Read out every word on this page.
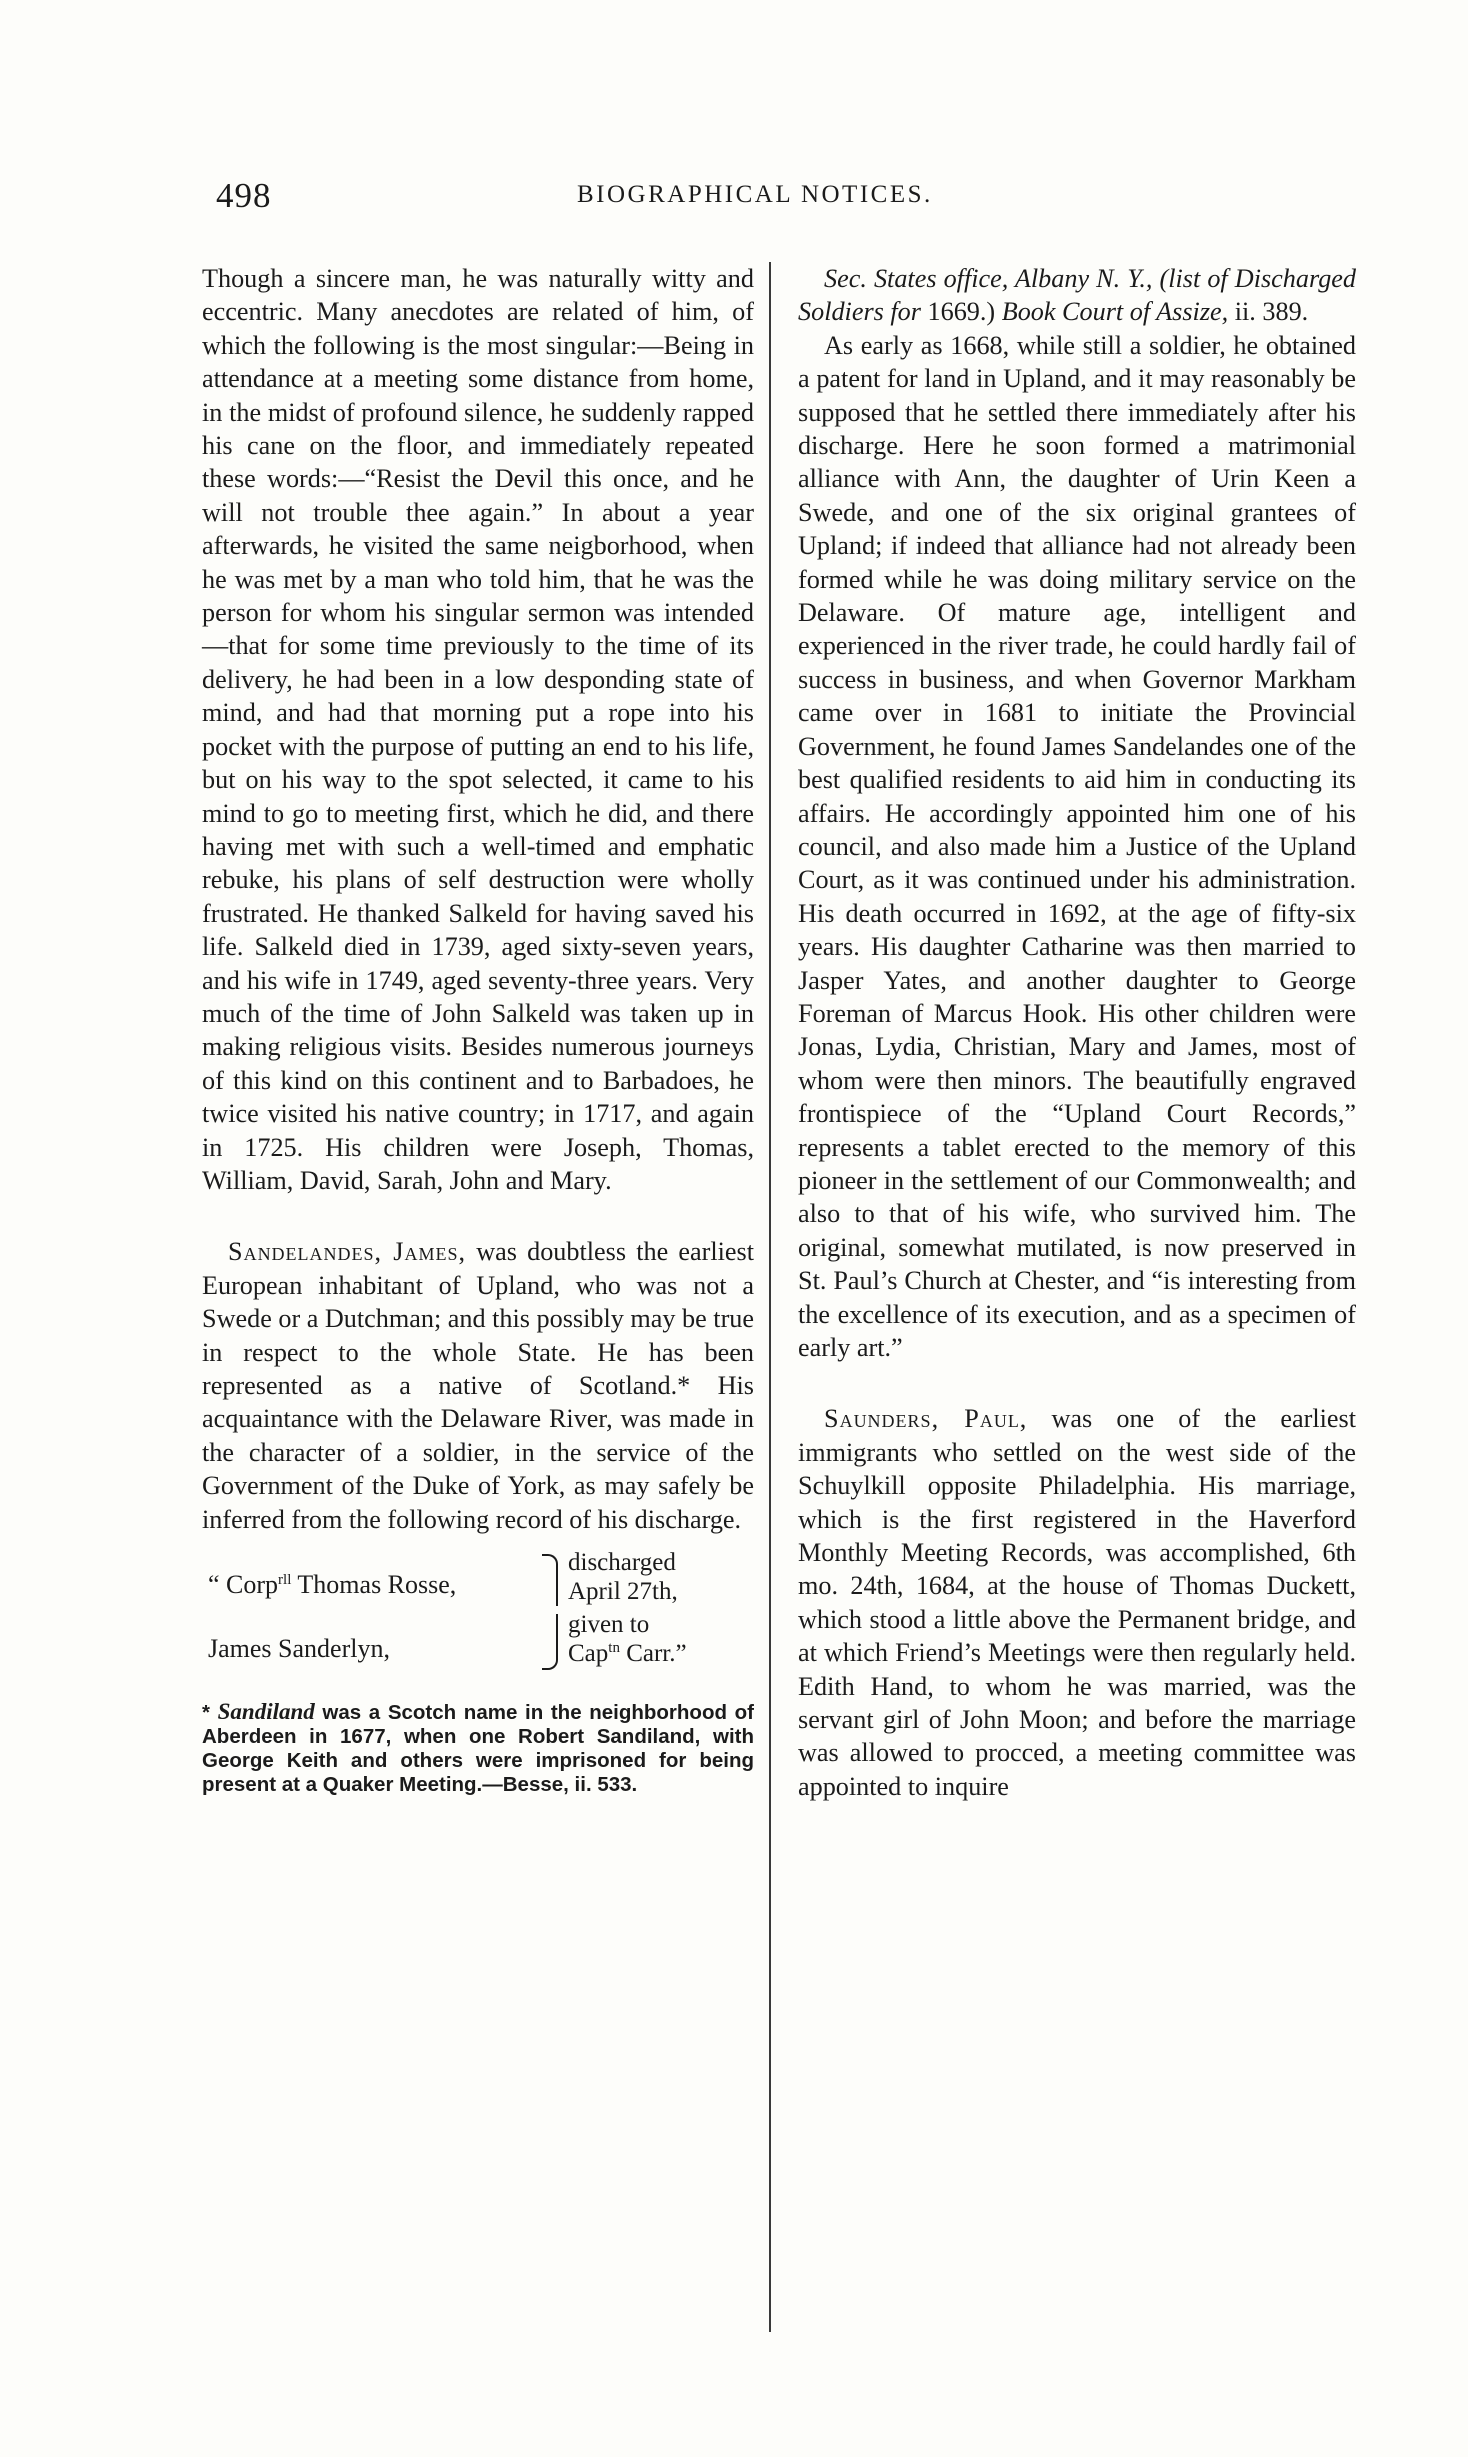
498	BIOGRAPHICAL NOTICES.

Though a sincere man, he was naturally witty and eccentric. Many anecdotes are related of him, of which the following is the most singular:—Being in attendance at a meeting some distance from home, in the midst of profound silence, he suddenly rapped his cane on the floor, and immediately repeated these words:—“Resist the Devil this once, and he will not trouble thee again.” In about a year afterwards, he visited the same neigborhood, when he was met by a man who told him, that he was the person for whom his singular sermon was intended—that for some time previously to the time of its delivery, he had been in a low desponding state of mind, and had that morning put a rope into his pocket with the purpose of putting an end to his life, but on his way to the spot selected, it came to his mind to go to meeting first, which he did, and there having met with such a well-timed and emphatic rebuke, his plans of self destruction were wholly frustrated. He thanked Salkeld for having saved his life. Salkeld died in 1739, aged sixty-seven years, and his wife in 1749, aged seventy-three years. Very much of the time of John Salkeld was taken up in making religious visits. Besides numerous journeys of this kind on this continent and to Barbadoes, he twice visited his native country; in 1717, and again in 1725. His children were Joseph, Thomas, William, David, Sarah, John and Mary.

Sandelandes, James, was doubtless the earliest European inhabitant of Upland, who was not a Swede or a Dutchman; and this possibly may be true in respect to the whole State. He has been represented as a native of Scotland.* His acquaintance with the Delaware River, was made in the character of a soldier, in the service of the Government of the Duke of York, as may safely be inferred from the following record of his discharge.

“ Corp$^{rll}$ Thomas Rosse,
James Sanderlyn,
discharged
April 27th,
given to
Cap$^{tn}$ Carr.”
* Sandiland was a Scotch name in the neighborhood of Aberdeen in 1677, when one Robert Sandiland, with George Keith and others were imprisoned for being present at a Quaker Meeting.—Besse, ii. 533.

Sec. States office, Albany N. Y., (list of Discharged Soldiers for 1669.) Book Court of Assize, ii. 389.

As early as 1668, while still a soldier, he obtained a patent for land in Upland, and it may reasonably be supposed that he settled there immediately after his discharge. Here he soon formed a matrimonial alliance with Ann, the daughter of Urin Keen a Swede, and one of the six original grantees of Upland; if indeed that alliance had not already been formed while he was doing military service on the Delaware. Of mature age, intelligent and experienced in the river trade, he could hardly fail of success in business, and when Governor Markham came over in 1681 to initiate the Provincial Government, he found James Sandelandes one of the best qualified residents to aid him in conducting its affairs. He accordingly appointed him one of his council, and also made him a Justice of the Upland Court, as it was continued under his administration. His death occurred in 1692, at the age of fifty-six years. His daughter Catharine was then married to Jasper Yates, and another daughter to George Foreman of Marcus Hook. His other children were Jonas, Lydia, Christian, Mary and James, most of whom were then minors. The beautifully engraved frontispiece of the “Upland Court Records,” represents a tablet erected to the memory of this pioneer in the settlement of our Commonwealth; and also to that of his wife, who survived him. The original, somewhat mutilated, is now preserved in St. Paul’s Church at Chester, and “is interesting from the excellence of its execution, and as a specimen of early art.”

Saunders, Paul, was one of the earliest immigrants who settled on the west side of the Schuylkill opposite Philadelphia. His marriage, which is the first registered in the Haverford Monthly Meeting Records, was accomplished, 6th mo. 24th, 1684, at the house of Thomas Duckett, which stood a little above the Permanent bridge, and at which Friend’s Meetings were then regularly held. Edith Hand, to whom he was married, was the servant girl of John Moon; and before the marriage was allowed to procced, a meeting committee was appointed to inquire
